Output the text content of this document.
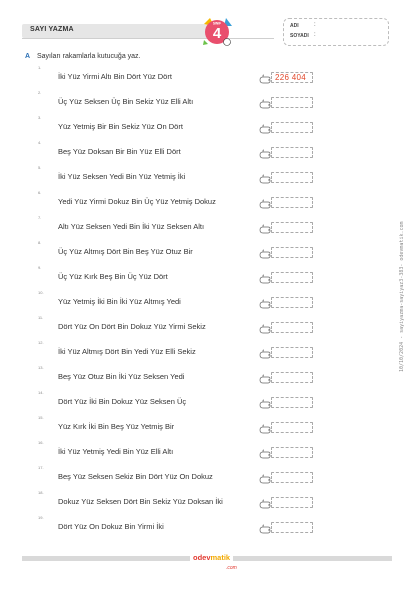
SAYI YAZMA
SINIF
4	ADI	:
SOYADI :
A Sayıları rakamlarla kutucuğa yaz.
1.
İki Yüz Yirmi Altı Bin Dört Yüz Dört	226 404
2.
Üç Yüz Seksen Üç Bin Sekiz Yüz Elli Altı
3.
Yüz Yetmiş Bir Bin Sekiz Yüz On Dört
4.
Beş Yüz Doksan Bir Bin Yüz Elli Dört
5.
İki Yüz Seksen Yedi Bin Yüz Yetmiş İki
6.
Yedi Yüz Yirmi Dokuz Bin Üç Yüz Yetmiş Dokuz
7.
Altı Yüz Seksen Yedi Bin İki Yüz Seksen Altı
8.
Üç Yüz Altmış Dört Bin Beş Yüz Otuz Bir
9.
Üç Yüz Kırk Beş Bin Üç Yüz Dört
10.
Yüz Yetmiş İki Bin İki Yüz Altmış Yedi
11.
Dört Yüz On Dört Bin Dokuz Yüz Yirmi Sekiz
12.
İki Yüz Altmış Dört Bin Yedi Yüz Elli Sekiz
13.
Beş Yüz Otuz Bin İki Yüz Seksen Yedi
14.
Dört Yüz İki Bin Dokuz Yüz Seksen Üç
15.
Yüz Kırk İki Bin Beş Yüz Yetmiş Bir
16.
İki Yüz Yetmiş Yedi Bin Yüz Elli Altı
17.
Beş Yüz Seksen Sekiz Bin Dört Yüz On Dokuz
18.
Dokuz Yüz Seksen Dört Bin Sekiz Yüz Doksan İki
19.
Dört Yüz On Dokuz Bin Yirmi İki
10/10/2024 - sayiyazma-sayiyaz3-383- odevmatik.com
odevmatik
.com
